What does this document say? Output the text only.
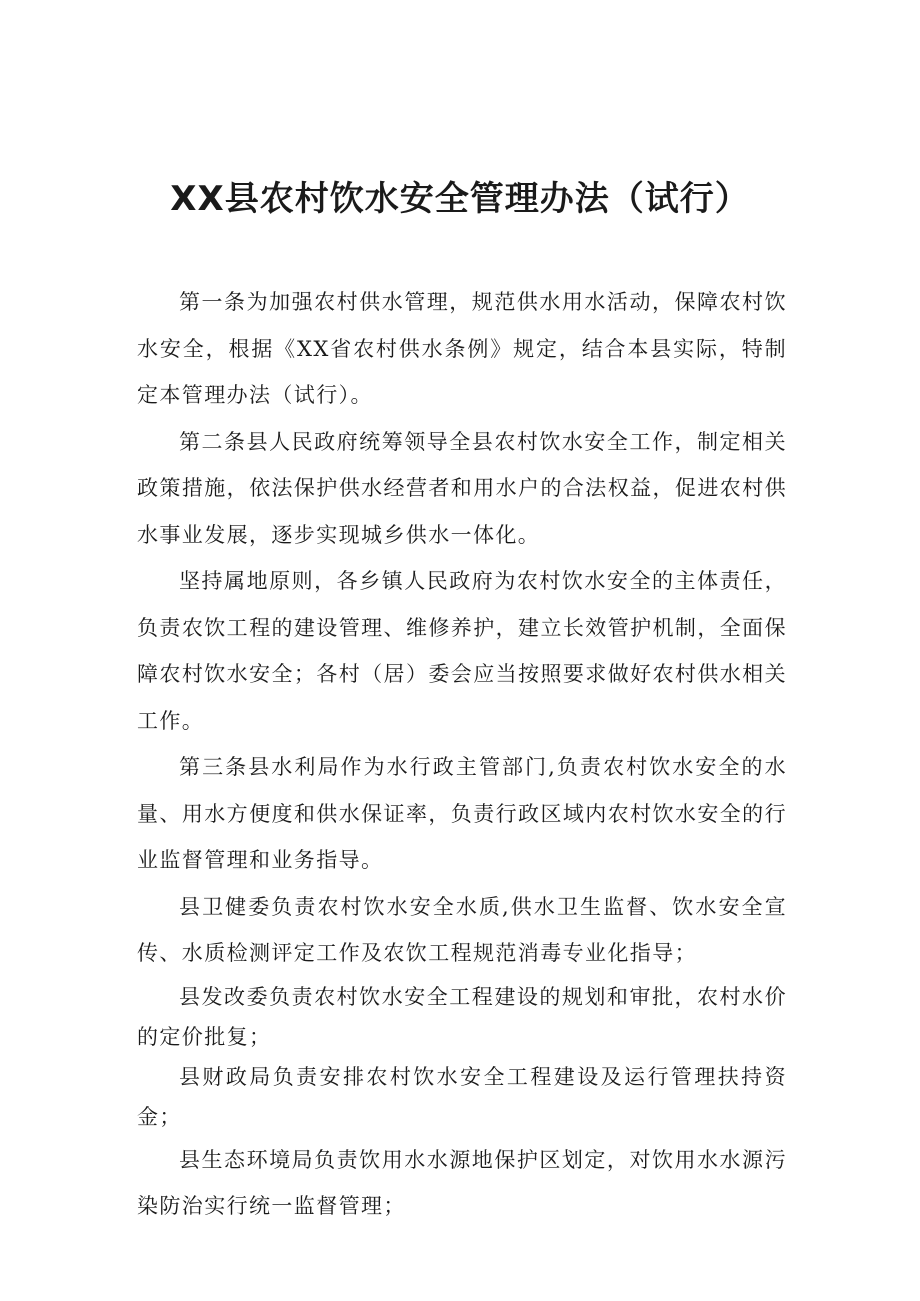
XX县农村饮水安全管理办法（试行）

第一条为加强农村供水管理，规范供水用水活动，保障农村饮水安全，根据《XX省农村供水条例》规定，结合本县实际，特制定本管理办法（试行）。

第二条县人民政府统筹领导全县农村饮水安全工作，制定相关政策措施，依法保护供水经营者和用水户的合法权益，促进农村供水事业发展，逐步实现城乡供水一体化。

坚持属地原则，各乡镇人民政府为农村饮水安全的主体责任，负责农饮工程的建设管理、维修养护，建立长效管护机制，全面保障农村饮水安全；各村（居）委会应当按照要求做好农村供水相关工作。

第三条县水利局作为水行政主管部门,负责农村饮水安全的水量、用水方便度和供水保证率，负责行政区域内农村饮水安全的行业监督管理和业务指导。

县卫健委负责农村饮水安全水质,供水卫生监督、饮水安全宣传、水质检测评定工作及农饮工程规范消毒专业化指导；

县发改委负责农村饮水安全工程建设的规划和审批，农村水价的定价批复；

县财政局负责安排农村饮水安全工程建设及运行管理扶持资金；

县生态环境局负责饮用水水源地保护区划定，对饮用水水源污染防治实行统一监督管理；
